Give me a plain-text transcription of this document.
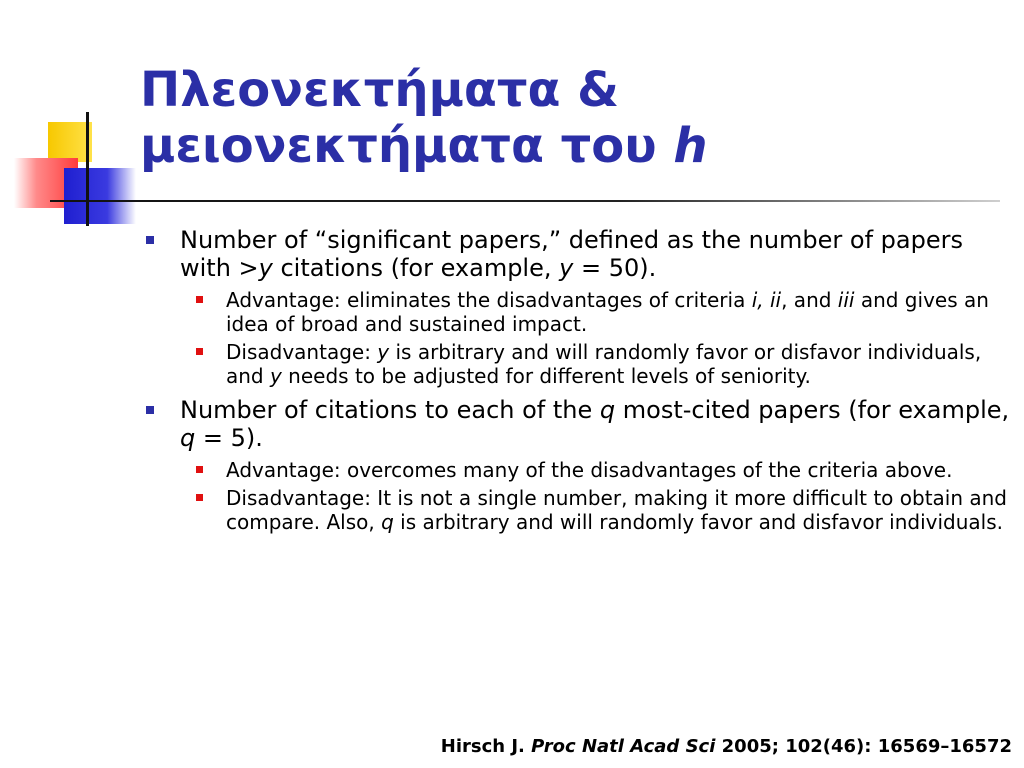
Πλεονεκτήματα &
μειονεκτήματα του h
Number of “significant papers,” defined as the number of papers with >y citations (for example, y = 50).
Advantage: eliminates the disadvantages of criteria i, ii, and iii and gives an idea of broad and sustained impact.
Disadvantage: y is arbitrary and will randomly favor or disfavor individuals, and y needs to be adjusted for different levels of seniority.
Number of citations to each of the q most-cited papers (for example, q = 5).
Advantage: overcomes many of the disadvantages of the criteria above.
Disadvantage: It is not a single number, making it more difficult to obtain and compare. Also, q is arbitrary and will randomly favor and disfavor individuals.
Hirsch J. Proc Natl Acad Sci 2005; 102(46): 16569–16572
